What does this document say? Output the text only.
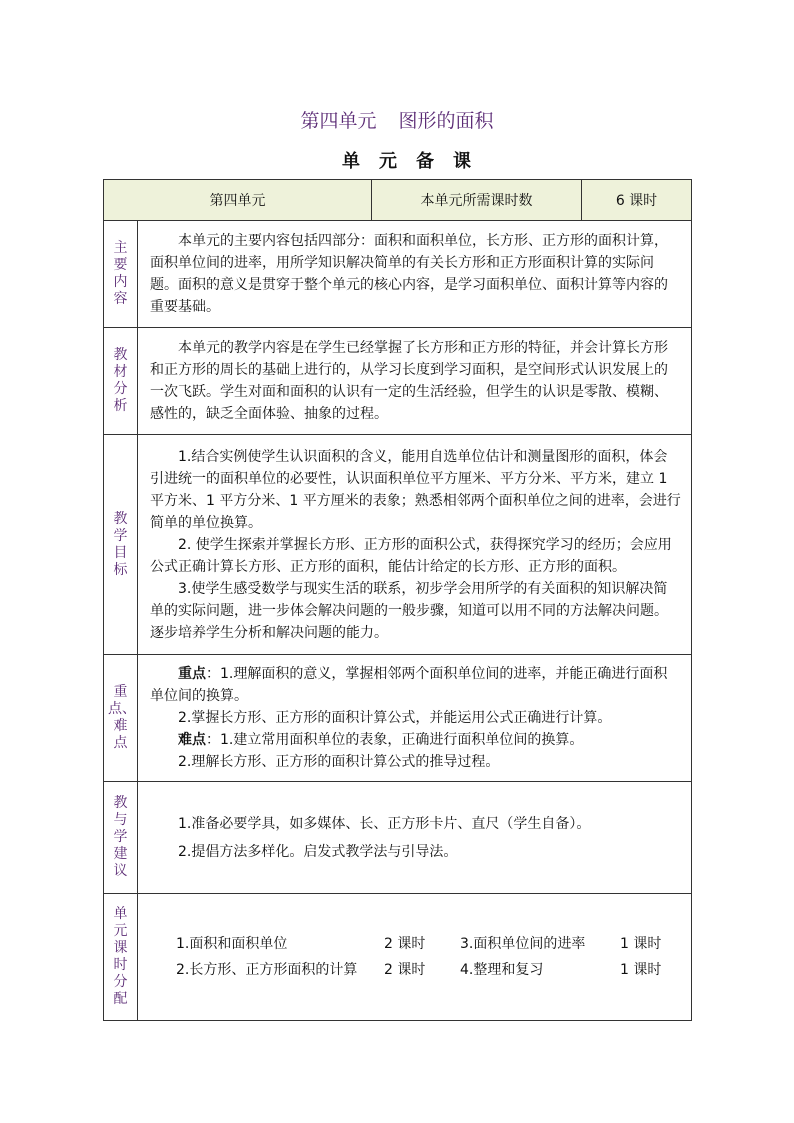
第四单元 图形的面积
单元备课
第四单元	本单元所需课时数	6 课时
主要内容	

本单元的主要内容包括四部分：面积和面积单位，长方形、正方形的面积计算，面积单位间的进率，用所学知识解决简单的有关长方形和正方形面积计算的实际问题。面积的意义是贯穿于整个单元的核心内容，是学习面积单位、面积计算等内容的重要基础。

教材分析	

本单元的教学内容是在学生已经掌握了长方形和正方形的特征，并会计算长方形和正方形的周长的基础上进行的，从学习长度到学习面积，是空间形式认识发展上的一次飞跃。学生对面和面积的认识有一定的生活经验，但学生的认识是零散、模糊、感性的，缺乏全面体验、抽象的过程。

教学目标	

1.结合实例使学生认识面积的含义，能用自选单位估计和测量图形的面积，体会引进统一的面积单位的必要性，认识面积单位平方厘米、平方分米、平方米，建立 1 平方米、1 平方分米、1 平方厘米的表象；熟悉相邻两个面积单位之间的进率，会进行简单的单位换算。

2. 使学生探索并掌握长方形、正方形的面积公式，获得探究学习的经历；会应用公式正确计算长方形、正方形的面积，能估计给定的长方形、正方形的面积。

3.使学生感受数学与现实生活的联系，初步学会用所学的有关面积的知识解决简单的实际问题，进一步体会解决问题的一般步骤，知道可以用不同的方法解决问题。逐步培养学生分析和解决问题的能力。

重点、难点	

重点：1.理解面积的意义，掌握相邻两个面积单位间的进率，并能正确进行面积单位间的换算。

2.掌握长方形、正方形的面积计算公式，并能运用公式正确进行计算。

难点：1.建立常用面积单位的表象，正确进行面积单位间的换算。

2.理解长方形、正方形的面积计算公式的推导过程。

教与学建议	

1.准备必要学具，如多媒体、长、正方形卡片、直尺（学生自备）。

2.提倡方法多样化。启发式教学法与引导法。

单元课时分配	
1.面积和面积单位	2 课时	3.面积单位间的进率	1 课时
2.长方形、正方形面积的计算	2 课时	4.整理和复习	1 课时
